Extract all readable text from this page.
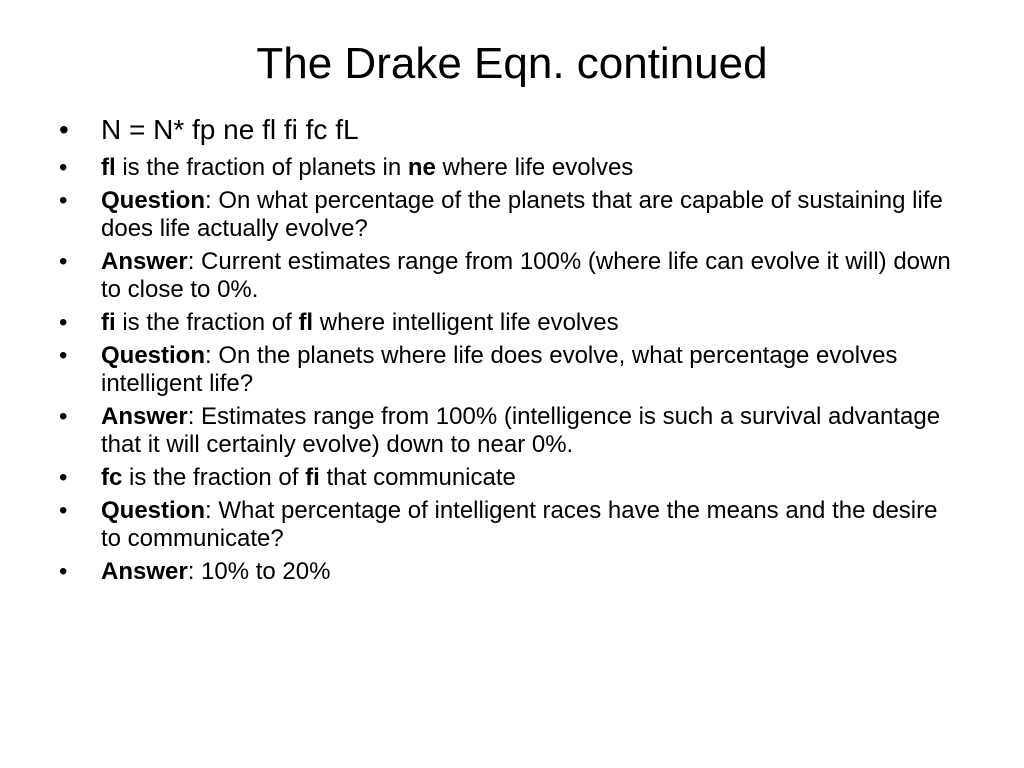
The Drake Eqn. continued
• N = N* fp ne fl fi fc fL
• fl is the fraction of planets in ne where life evolves
• Question: On what percentage of the planets that are capable of sustaining life does life actually evolve?
• Answer: Current estimates range from 100% (where life can evolve it will) down to close to 0%.
• fi is the fraction of fl where intelligent life evolves
• Question: On the planets where life does evolve, what percentage evolves intelligent life?
• Answer: Estimates range from 100% (intelligence is such a survival advantage that it will certainly evolve) down to near 0%.
• fc is the fraction of fi that communicate
• Question: What percentage of intelligent races have the means and the desire to communicate?
• Answer: 10% to 20%
